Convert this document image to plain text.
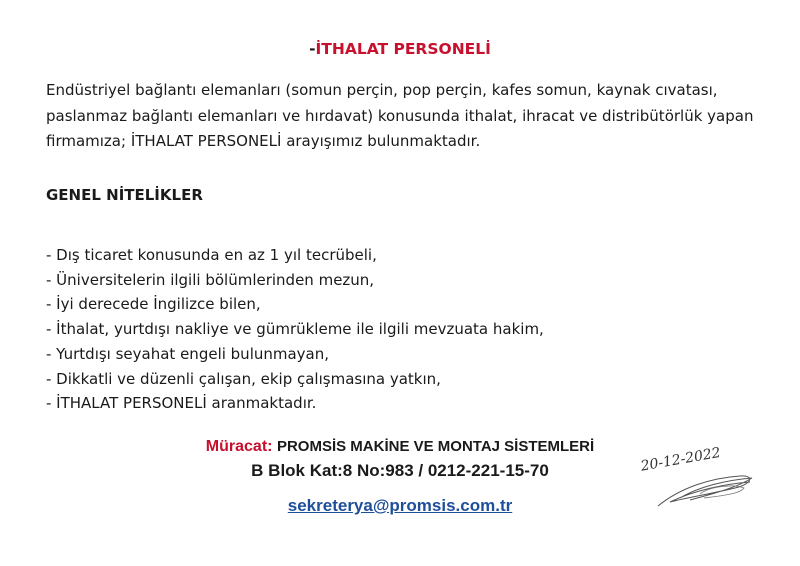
-İTHALAT PERSONELİ
Endüstriyel bağlantı elemanları (somun perçin, pop perçin, kafes somun, kaynak cıvatası, paslanmaz bağlantı elemanları ve hırdavat) konusunda ithalat, ihracat ve distribütörlük yapan firmamıza; İTHALAT PERSONELİ arayışımız bulunmaktadır.
GENEL NİTELİKLER
- Dış ticaret konusunda en az 1 yıl tecrübeli,
- Üniversitelerin ilgili bölümlerinden mezun,
- İyi derecede İngilizce bilen,
- İthalat, yurtdışı nakliye ve gümrükleme ile ilgili mevzuata hakim,
- Yurtdışı seyahat engeli bulunmayan,
- Dikkatli ve düzenli çalışan, ekip çalışmasına yatkın,
- İTHALAT PERSONELİ aranmaktadır.
Müracat: PROMSİS MAKİNE VE MONTAJ SİSTEMLERİ
B Blok Kat:8 No:983 / 0212-221-15-70
sekreterya@promsis.com.tr
20-12-2022
